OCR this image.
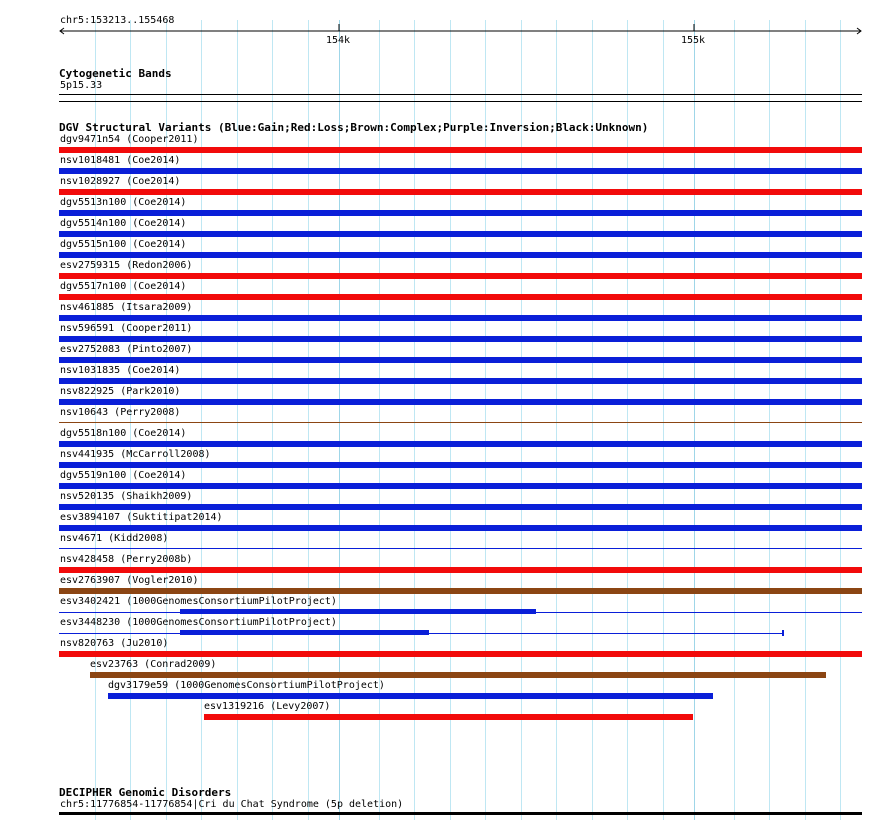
chr5:153213..155468
154k	155k
Cytogenetic Bands
5p15.33
DGV Structural Variants (Blue:Gain;Red:Loss;Brown:Complex;Purple:Inversion;Black:Unknown)
dgv9471n54 (Cooper2011)
nsv1018481 (Coe2014)
nsv1028927 (Coe2014)
dgv5513n100 (Coe2014)
dgv5514n100 (Coe2014)
dgv5515n100 (Coe2014)
esv2759315 (Redon2006)
dgv5517n100 (Coe2014)
nsv461885 (Itsara2009)
nsv596591 (Cooper2011)
esv2752083 (Pinto2007)
nsv1031835 (Coe2014)
nsv822925 (Park2010)
nsv10643 (Perry2008)
dgv5518n100 (Coe2014)
nsv441935 (McCarroll2008)
dgv5519n100 (Coe2014)
nsv520135 (Shaikh2009)
esv3894107 (Suktitipat2014)
nsv4671 (Kidd2008)
nsv428458 (Perry2008b)
esv2763907 (Vogler2010)
esv3402421 (1000GenomesConsortiumPilotProject)
esv3448230 (1000GenomesConsortiumPilotProject)
nsv820763 (Ju2010)
esv23763 (Conrad2009)
dgv3179e59 (1000GenomesConsortiumPilotProject)
esv1319216 (Levy2007)
DECIPHER Genomic Disorders
chr5:11776854-11776854|Cri du Chat Syndrome (5p deletion)
